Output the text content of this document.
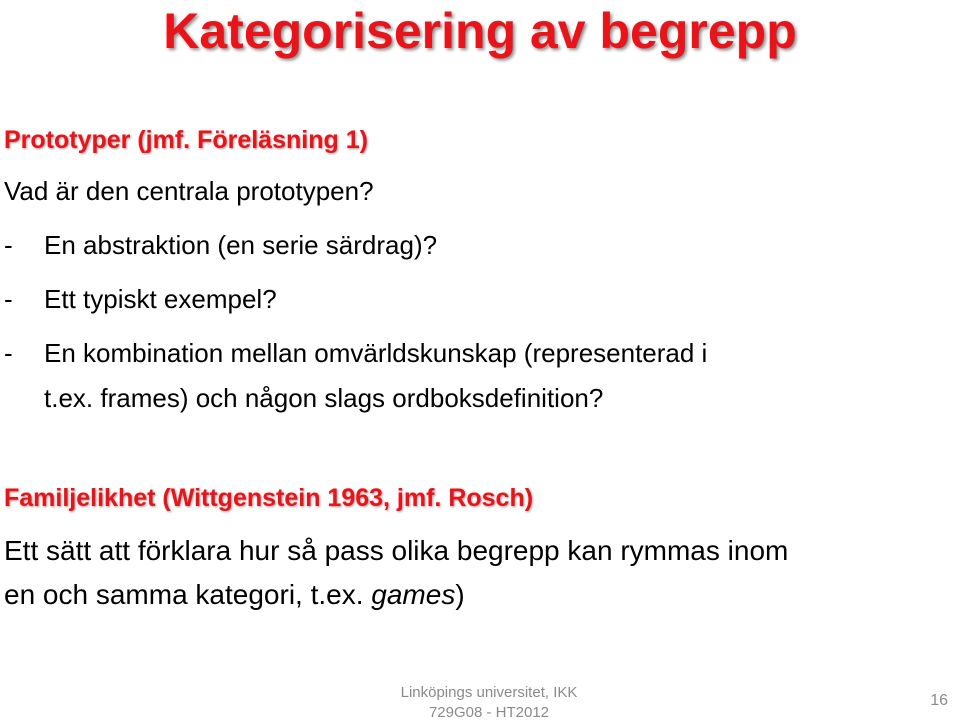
Kategorisering av begrepp
Prototyper (jmf. Föreläsning 1)
Vad är den centrala prototypen?
- En abstraktion (en serie särdrag)?
- Ett typiskt exempel?
- En kombination mellan omvärldskunskap (representerad i
t.ex. frames) och någon slags ordboksdefinition?
Familjelikhet (Wittgenstein 1963, jmf. Rosch)
Ett sätt att förklara hur så pass olika begrepp kan rymmas inom
en och samma kategori, t.ex. games)
Linköpings universitet, IKK
729G08 - HT2012
16
